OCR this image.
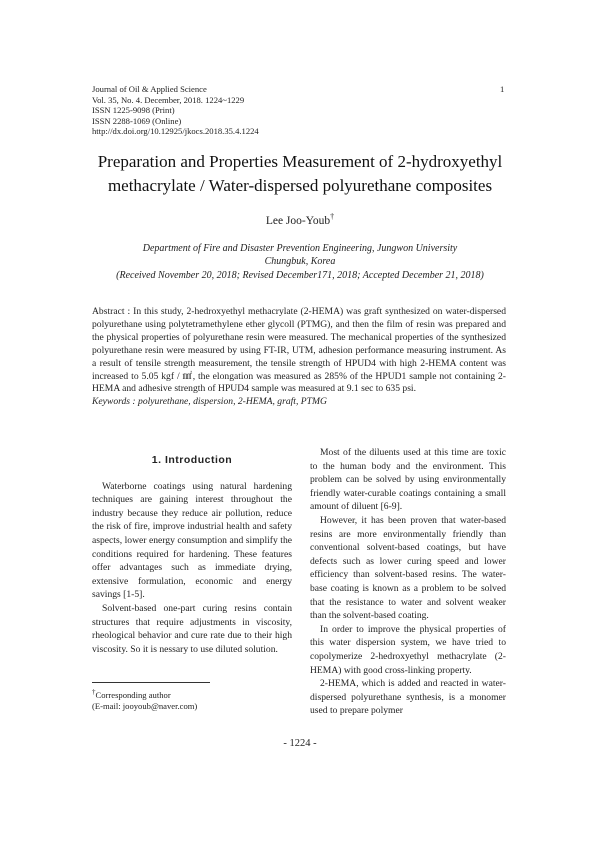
Journal of Oil & Applied Science
Vol. 35, No. 4. December, 2018. 1224~1229
ISSN 1225-9098 (Print)
ISSN 2288-1069 (Online)
http://dx.doi.org/10.12925/jkocs.2018.35.4.1224
1
Preparation and Properties Measurement of 2-hydroxyethyl
methacrylate / Water-dispersed polyurethane composites
Lee Joo-Youb†
Department of Fire and Disaster Prevention Engineering, Jungwon University
Chungbuk, Korea
(Received November 20, 2018; Revised December171, 2018; Accepted December 21, 2018)
Abstract : In this study, 2-hedroxyethyl methacrylate (2-HEMA) was graft synthesized on water-dispersed polyurethane using polytetramethylene ether glycoll (PTMG), and then the film of resin was prepared and the physical properties of polyurethane resin were measured. The mechanical properties of the synthesized polyurethane resin were measured by using FT-IR, UTM, adhesion performance measuring instrument. As a result of tensile strength measurement, the tensile strength of HPUD4 with high 2-HEMA content was increased to 5.05 kgf / ㎟, the elongation was measured as 285% of the HPUD1 sample not containing 2-HEMA and adhesive strength of HPUD4 sample was measured at 9.1 sec to 635 psi.
Keywords : polyurethane, dispersion, 2-HEMA, graft, PTMG
1. Introduction

Waterborne coatings using natural hardening techniques are gaining interest throughout the industry because they reduce air pollution, reduce the risk of fire, improve industrial health and safety aspects, lower energy consumption and simplify the conditions required for hardening. These features offer advantages such as immediate drying, extensive formulation, economic and energy savings [1-5].

Solvent-based one-part curing resins contain structures that require adjustments in viscosity, rheological behavior and cure rate due to their high viscosity. So it is nessary to use diluted solution.

Most of the diluents used at this time are toxic to the human body and the environment. This problem can be solved by using environmentally friendly water-curable coatings containing a small amount of diluent [6-9].

However, it has been proven that water-based resins are more environmentally friendly than conventional solvent-based coatings, but have defects such as lower curing speed and lower efficiency than solvent-based resins. The water-base coating is known as a problem to be solved that the resistance to water and solvent weaker than the solvent-based coating.

In order to improve the physical properties of this water dispersion system, we have tried to copolymerize 2-hedroxyethyl methacrylate (2-HEMA) with good cross-linking property.

2-HEMA, which is added and reacted in water-dispersed polyurethane synthesis, is a monomer used to prepare polymer

†Corresponding author
(E-mail: jooyoub@naver.com)
- 1224 -
